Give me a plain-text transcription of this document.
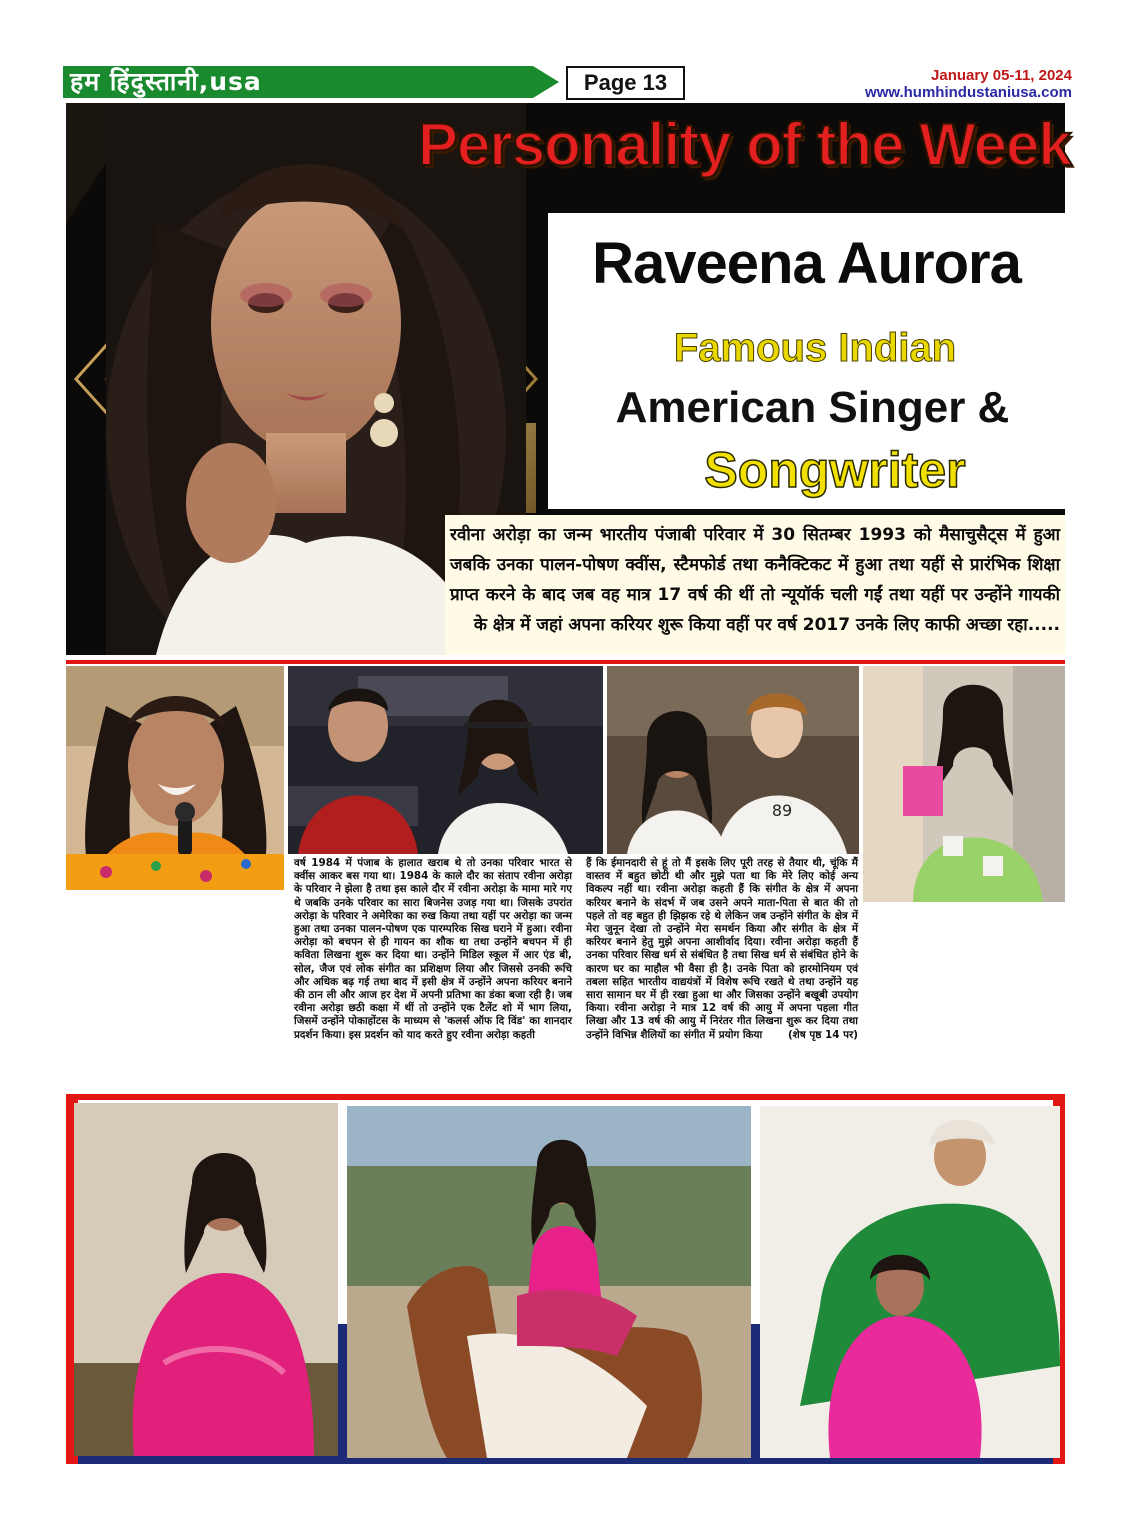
हम हिंदुस्तानी,usa	Page 13	January 05-11, 2024
www.humhindustaniusa.com
Personality of the Week
Raveena Aurora
Famous Indian
American Singer &
Songwriter
रवीना अरोड़ा का जन्म भारतीय पंजाबी परिवार में 30 सितम्बर 1993 को मैसाचुसैट्स में हुआ जबकि उनका पालन-पोषण क्वींस, स्टैमफोर्ड तथा कनैक्टिकट में हुआ तथा यहीं से प्रारंभिक शिक्षा प्राप्त करने के बाद जब वह मात्र 17 वर्ष की थीं तो न्यूयॉर्क चली गईं तथा यहीं पर उन्होंने गायकी के क्षेत्र में जहां अपना करियर शुरू किया वहीं पर वर्ष 2017 उनके लिए काफी अच्छा रहा.....
89
वर्ष 1984 में पंजाब के हालात खराब थे तो उनका परिवार भारत से क्वींस आकर बस गया था। 1984 के काले दौर का संताप रवीना अरोड़ा के परिवार ने झेला है तथा इस काले दौर में रवीना अरोड़ा के मामा मारे गए थे जबकि उनके परिवार का सारा बिजनेस उजड़ गया था। जिसके उपरांत अरोड़ा के परिवार ने अमेरिका का रुख किया तथा यहीं पर अरोड़ा का जन्म हुआ तथा उनका पालन-पोषण एक पारम्परिक सिख घराने में हुआ। रवीना अरोड़ा को बचपन से ही गायन का शौक था तथा उन्होंने बचपन में ही कविता लिखना शुरू कर दिया था। उन्होंने मिडिल स्कूल में आर एंड बी, सोल, जैज एवं लोक संगीत का प्रशिक्षण लिया और जिससे उनकी रूचि और अधिक बढ़ गई तथा बाद में इसी क्षेत्र में उन्होंने अपना करियर बनाने की ठान ली और आज हर देश में अपनी प्रतिभा का डंका बजा रही है। जब रवीना अरोड़ा छठी कक्षा में थीं तो उन्होंने एक टैलेंट शो में भाग लिया, जिसमें उन्होंने पोकाहोंटस के माध्यम से 'कलर्स ऑफ दि विंड' का शानदार प्रदर्शन किया। इस प्रदर्शन को याद करते हुए रवीना अरोड़ा कहती
हैं कि ईमानदारी से हूं तो मैं इसके लिए पूरी तरह से तैयार थी, चूंकि मैं वास्तव में बहुत छोटी थी और मुझे पता था कि मेरे लिए कोई अन्य विकल्प नहीं था। रवीना अरोड़ा कहती हैं कि संगीत के क्षेत्र में अपना करियर बनाने के संदर्भ में जब उसने अपने माता-पिता से बात की तो पहले तो वह बहुत ही झिझक रहे थे लेकिन जब उन्होंने संगीत के क्षेत्र में मेरा जुनून देखा तो उन्होंने मेरा समर्थन किया और संगीत के क्षेत्र में करियर बनाने हेतु मुझे अपना आशीर्वाद दिया। रवीना अरोड़ा कहती हैं उनका परिवार सिख धर्म से संबंधित है तथा सिख धर्म से संबंधित होने के कारण घर का माहौल भी वैसा ही है। उनके पिता को हारमोनियम एवं तबला सहित भारतीय वाद्ययंत्रों में विशेष रूचि रखते थे तथा उन्होंने यह सारा सामान घर में ही रखा हुआ था और जिसका उन्होंने बखूबी उपयोग किया। रवीना अरोड़ा ने मात्र 12 वर्ष की आयु में अपना पहला गीत लिखा और 13 वर्ष की आयु में निरंतर गीत लिखना शुरू कर दिया तथा उन्होंने विभिन्न शैलियों का संगीत में प्रयोग किया (शेष पृष्ठ 14 पर)
